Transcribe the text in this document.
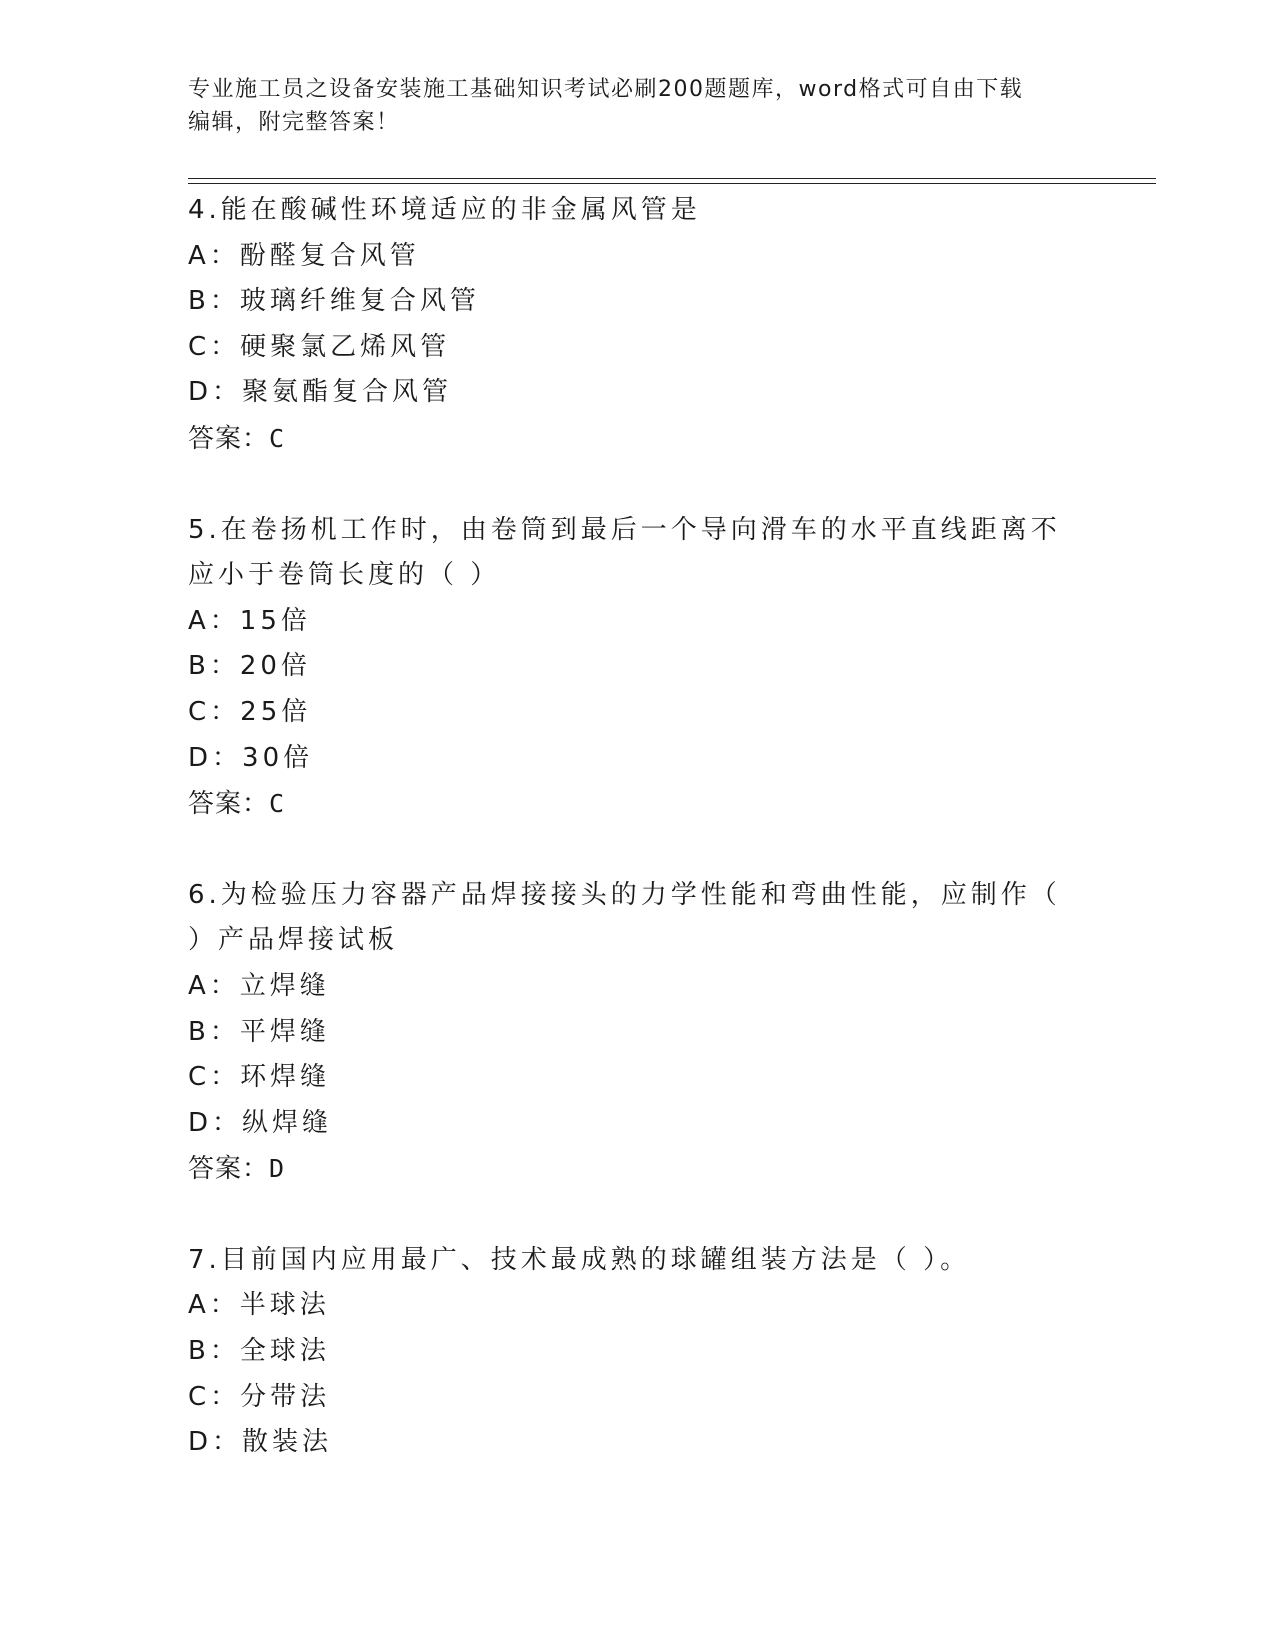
专业施工员之设备安装施工基础知识考试必刷200题题库，word格式可自由下载
编辑，附完整答案！
4.能在酸碱性环境适应的非金属风管是
A：酚醛复合风管
B：玻璃纤维复合风管
C：硬聚氯乙烯风管
D：聚氨酯复合风管
答案：C
5.在卷扬机工作时，由卷筒到最后一个导向滑车的水平直线距离不应小于卷筒长度的（ ）
A：15倍
B：20倍
C：25倍
D：30倍
答案：C
6.为检验压力容器产品焊接接头的力学性能和弯曲性能，应制作（ ）产品焊接试板
A：立焊缝
B：平焊缝
C：环焊缝
D：纵焊缝
答案：D
7.目前国内应用最广、技术最成熟的球罐组装方法是（ ）。
A：半球法
B：全球法
C：分带法
D：散装法
